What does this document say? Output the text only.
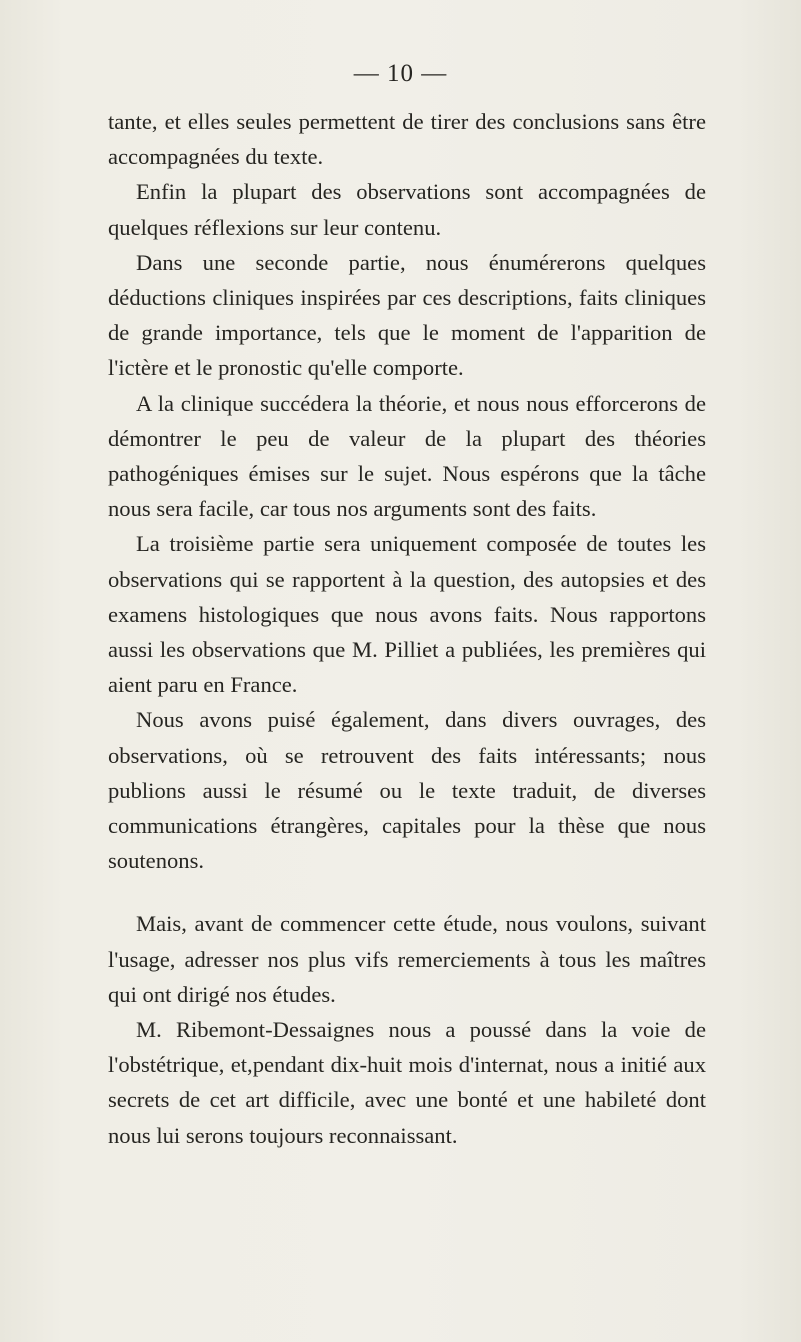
— 10 —

tante, et elles seules permettent de tirer des conclusions sans être accompagnées du texte.

Enfin la plupart des observations sont accompagnées de quelques réflexions sur leur contenu.

Dans une seconde partie, nous énumérerons quelques déductions cliniques inspirées par ces descriptions, faits cliniques de grande importance, tels que le moment de l'apparition de l'ictère et le pronostic qu'elle comporte.

A la clinique succédera la théorie, et nous nous efforcerons de démontrer le peu de valeur de la plupart des théories pathogéniques émises sur le sujet. Nous espérons que la tâche nous sera facile, car tous nos arguments sont des faits.

La troisième partie sera uniquement composée de toutes les observations qui se rapportent à la question, des autopsies et des examens histologiques que nous avons faits. Nous rapportons aussi les observations que M. Pilliet a publiées, les premières qui aient paru en France.

Nous avons puisé également, dans divers ouvrages, des observations, où se retrouvent des faits intéressants; nous publions aussi le résumé ou le texte traduit, de diverses communications étrangères, capitales pour la thèse que nous soutenons.

Mais, avant de commencer cette étude, nous voulons, suivant l'usage, adresser nos plus vifs remerciements à tous les maîtres qui ont dirigé nos études.

M. Ribemont-Dessaignes nous a poussé dans la voie de l'obstétrique, et,pendant dix-huit mois d'internat, nous a initié aux secrets de cet art difficile, avec une bonté et une habileté dont nous lui serons toujours reconnaissant.
